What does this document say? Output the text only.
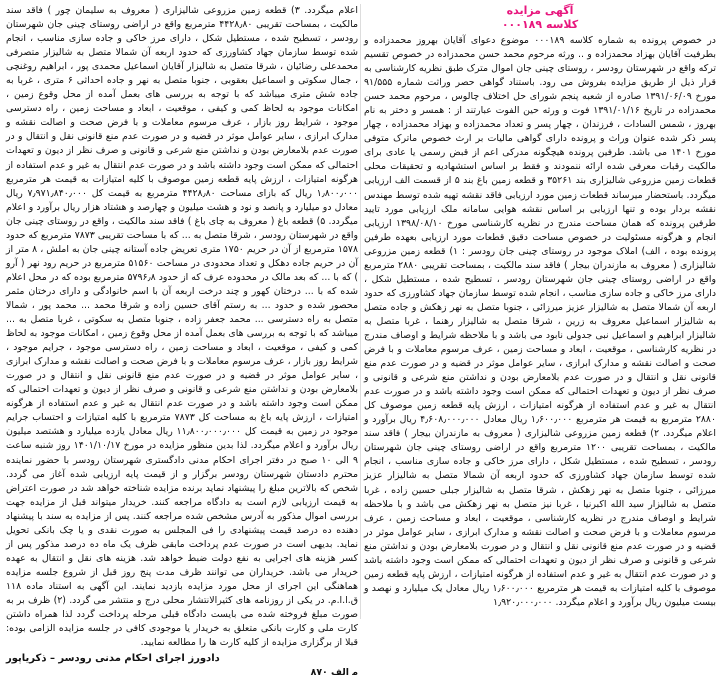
آگهی مزایده
کلاسه ۰۰۰۱۸۹

در خصوص پرونده به شماره کلاسه ۰۰۰۱۸۹ موضوع دعوای آقایان بهروز محمدزاده و بطرفیت آقایان بهزاد محمدزاده و .. ورثه مرحوم محمد حسن محمدزاده در خصوص تقسیم ترکه واقع در شهرستان رودسر ، روستای چینی جان اموال مترک طبق نظریه کارشناسی به قرار ذیل از طریق مزایده بفروش می رود. باستناد گواهی حصر وراثت شماره ۹۱/۵۵۵ مورخ ۱۳۹۱/۰۶/۰۹ صادره از شعبه پنجم شورای حل اختلاف چالوس ، مرحوم محمد حسن محمدزاده در تاریخ ۱۳۹۱/۰۱/۱۶ فوت و ورثه حین الفوت عبارتند از : همسر و دختر به نام بهروز ، شمس السادات ، فرزندان ، چهار پسر و تعداد محمدزاده و بهزاد محمدزاده ، چهار پسر ذکر شده عنوان وراث و پرونده دارای گواهی مالیات بر ارث خصوص ماترک متوفی مورخ ۱۴۰۱ می باشد. طرفین پرونده هیچگونه مدرکی اعم از قبض رسمی یا عادی برای مالکیت رقبات معرفی شده ارائه ننمودند و فقط بر اساس استشهادیه و تحقیقات محلی قطعات زمین مزروعی شالیزاری بند ۳۵۲۶۱ و قطعه زمین باغ بند ۵ از قسمت الف ارزیابی میگردد. باستحضار میرساند قطعات زمین مورد ارزیابی فاقد نقشه تهیه شده توسط مهندس نقشه بردار بوده و تنها ارزیابی بر اساس نقشه هوایی سامانه ملک ارزیابی مورد تایید طرفین پرونده که همان مساحت مندرج در نظریه کارشناسی مورخ ۱۳۹۸/۰۸/۱۰ ارزیابی انجام و هرگونه مسئولیت در خصوص مساحت دقیق قطعات مورد ارزیابی بعهده طرفین پرونده بوده ، الف) املاک موجود در روستای چینی جان رودسر : ۱) قطعه زمین مزروعی شالیزاری ( معروف به مازندران بیجار ) فاقد سند مالکیت ، بمساحت تقریبی ۲۸۸۰ مترمربع واقع در اراضی روستای چینی جان شهرستان رودسر ، تسطیح شده ، مستطیل شکل ، دارای مرز خاکی و جاده سازی مناسب ، انجام شده توسط سازمان جهاد کشاورزی که حدود اربعه آن شمالا متصل به شالیزار عزیز میرزائی ، جنوبا متصل به نهر زهکش و جاده متصل به شالیزار اسماعیل معروف به زرین ، شرقا متصل به شالیزار رهنما ، غربا متصل به شالیزار ابراهیم و اسماعیل نبی جدولی نابود می باشد و با ملاحظه شرایط و اوصاف مندرج در نظریه کارشناسی ، موقعیت ، ابعاد و مساحت زمین ، عرف مرسوم معاملات و با فرض صحت و اصالت نقشه و مدارک ابرازی ، سایر عوامل موثر در قضیه و در صورت عدم منع قانونی نقل و انتقال و در صورت عدم بلامعارض بودن و نداشتن منع شرعی و قانونی و صرف نظر از دیون و تعهدات احتمالی که ممکن است وجود داشته باشد و در صورت عدم انتقال به غیر و عدم استفاده از هرگونه امتیازات ، ارزش پایه قطعه زمین موصوف کل ۲۸۸۰ مترمربع به قیمت هر مترمربع ۱٫۶۰۰٫۰۰۰ ریال معادل ۴٫۶۰۸٫۰۰۰٫۰۰۰ ریال برآورد و اعلام میگردد. ۲) قطعه زمین مزروعی شالیزاری ( معروف به مازندران بیجار ) فاقد سند مالکیت ، بمساحت تقریبی ۱۲۰۰ مترمربع واقع در اراضی روستای چینی جان شهرستان رودسر ، تسطیح شده ، مستطیل شکل ، دارای مرز خاکی و جاده سازی مناسب ، انجام شده توسط سازمان جهاد کشاورزی که حدود اربعه آن شمالا متصل به شالیزار عزیز میرزائی ، جنوبا متصل به نهر زهکش ، شرقا متصل به شالیزار جبلی حسین زاده ، غربا متصل به شالیزار سید الله اکبرنیا ، غربا نیز متصل به نهر زهکش می باشد و با ملاحظه شرایط و اوصاف مندرج در نظریه کارشناسی ، موقعیت ، ابعاد و مساحت زمین ، عرف مرسوم معاملات و با فرض صحت و اصالت نقشه و مدارک ابرازی ، سایر عوامل موثر در قضیه و در صورت عدم منع قانونی نقل و انتقال و در صورت بلامعارض بودن و نداشتن منع شرعی و قانونی و صرف نظر از دیون و تعهدات احتمالی که ممکن است وجود داشته باشد و در صورت عدم انتقال به غیر و عدم استفاده از هرگونه امتیازات ، ارزش پایه قطعه زمین موصوف با کلیه امتیازات به قیمت هر مترمربع ۱٫۶۰۰٫۰۰۰ ریال معادل یک میلیارد و نهصد و بیست میلیون ریال برآورد و اعلام میگردد. ۱٫۹۲۰٫۰۰۰٫۰۰۰

اعلام میگردد. ۳) قطعه زمین مزروعی شالیزاری ( معروف به سلیمان چور ) فاقد سند مالکیت ، بمساحت تقریبی ۴۴۲۸٫۸۰ مترمربع واقع در اراضی روستای چینی جان شهرستان رودسر ، تسطیح شده ، مستطیل شکل ، دارای مرز خاکی و جاده سازی مناسب ، انجام شده توسط سازمان جهاد کشاورزی که حدود اربعه آن شمالا متصل به شالیزار متصرفی محمدعلی رضائیان ، شرقا متصل به شالیزار آقایان اسماعیل محمدی پور ، ابراهیم روغنچی ، جمال سکوتی و اسماعیل بعقوبی ، جنوبا متصل به نهر و جاده احداثی ۶ متری ، غربا به جاده شش متری میباشد که با توجه به بررسی های بعمل آمده از محل وقوع زمین ، امکانات موجود به لحاظ کمی و کیفی ، موقعیت ، ابعاد و مساحت زمین ، راه دسترسی موجود ، شرایط روز بازار ، عرف مرسوم معاملات و با فرض صحت و اصالت نقشه و مدارک ابرازی ، سایر عوامل موثر در قضیه و در صورت عدم منع قانونی نقل و انتقال و در صورت عدم بلامعارض بودن و نداشتن منع شرعی و قانونی و صرف نظر از دیون و تعهدات احتمالی که ممکن است وجود داشته باشد و در صورت عدم انتقال به غیر و عدم استفاده از هرگونه امتیازات ، ارزش پایه قطعه زمین موصوف با کلیه امتیازات به قیمت هر مترمربع ۱٫۸۰۰٫۰۰۰ ریال که بازای مساحت ۴۴۲۸٫۸۰ مترمربع به قیمت کل ۷٫۹۷۱٫۸۴۰٫۰۰۰ ریال معادل دو میلیارد و پانصد و نود و هشت میلیون و چهارصد و هشتاد هزار ریال برآورد و اعلام میگردد. ۵) قطعه باغ ( معروف به چای باغ ) فاقد سند مالکیت ، واقع در روستای چینی جان واقع در شهرستان رودسر ، شرقا متصل به ... که با مساحت تقریبی ۷۸۷۳ مترمربع که حدود ۱۵۷۸ مترمربع از آن در حریم ۱۷۵۰ متری تعریض جاده آستانه چینی جان به املش ، ۸ متر از آن در حریم جاده دهکل و تعداد محدودی در مساحت ۵۱۵۶۰ مترمربع در حریم رود نهر ( آرو ) که با ... که بعد مالک در محدوده عرف که از حدود ۵۷۹۶٫۸ مترمربع بوده که در محل اعلام شده که با ... درختان کهور و چند درخت اربعه آن با اسم خانوادگی و دارای درختان مثمر محصور شده و حدود ... به رستم آقای حسین زاده و شرقا محمد ... محمد پور ، شمالا متصل به راه دسترسی ... محمد جعفر زاده ، جنوبا متصل به سکوتی ، غربا متصل به ... میباشد که با توجه به بررسی های بعمل آمده از محل وقوع زمین ، امکانات موجود به لحاظ کمی و کیفی ، موقعیت ، ابعاد و مساحت زمین ، راه دسترسی موجود ، جرایم موجود ، شرایط روز بازار ، عرف مرسوم معاملات و با فرض صحت و اصالت نقشه و مدارک ابرازی ، سایر عوامل موثر در قضیه و در صورت عدم منع قانونی نقل و انتقال و در صورت بلامعارض بودن و نداشتن منع شرعی و قانونی و صرف نظر از دیون و تعهدات احتمالی که ممکن است وجود داشته باشد و در صورت عدم انتقال به غیر و عدم استفاده از هرگونه امتیازات ، ارزش پایه باغ به مساحت کل ۷۸۷۳ مترمربع با کلیه امتیازات و احتساب جرایم موجود در زمین به قیمت کل ۱۱٫۸۰۰٫۰۰۰٫۰۰۰ ریال معادل یازده میلیارد و هشتصد میلیون ریال برآورد و اعلام میگردد. لذا بدین منظور مزایده در مورخ ۱۴۰۱/۱۰/۱۷ روز شنبه ساعت ۹ الی ۱۰ صبح در دفتر اجرای احکام مدنی دادگستری شهرستان رودسر با حضور نماینده محترم دادستان شهرستان رودسر برگزار و از قیمت پایه ارزیابی شده آغاز می گردد. شخص که بالاترین مبلغ را پیشنهاد نماید برنده مزایده شناخته خواهد شد در صورت اعتراض به قیمت ارزیابی لازم است به دادگاه مراجعه کنند. خریدار میتواند قبل از مزایده جهت بررسی اموال مذکور به آدرس مشخص شده مراجعه کنند. پس از مزایده به سند با پیشنهاد دهنده ده درصد قیمت پیشنهادی را فی المجلس به صورت نقدی و یا چک بانکی تحویل نماید. بدیهی است در صورت عدم پرداخت مابقی ظرف یک ماه ده درصد مذکور پس از کسر هزینه های اجرایی به نفع دولت ضبط خواهد شد. هزینه های نقل و انتقال به عهده خریدار می باشد. خریداران می توانند ظرف مدت پنج روز قبل از شروع جلسه مزایده هماهنگی این اجرای از محل مورد مزایده بازدید نمایند. این آگهی به استناد ماده ۱۱۸ ق.ا.ا.م. در یکی از روزنامه های کثیرالانتشار محلی درج و منتشر می گردد. (۲) ظرف بر به صورت مبلغ فروخته شده می بایست دادگاه قبلی مرحله پرداخت گردد لذا همراه داشتن کارت ملی و کارت بانکی متعلق به خریدار یا موجودی کافی در جلسه مزایده الزامی بوده: قبلا از برگزاری مزایده از کلیه کارت ها را مطالعه نمایید.

دادورز اجرای احکام مدنی رودسر – ذکریاپور
م‍ الف ۸۷۰
